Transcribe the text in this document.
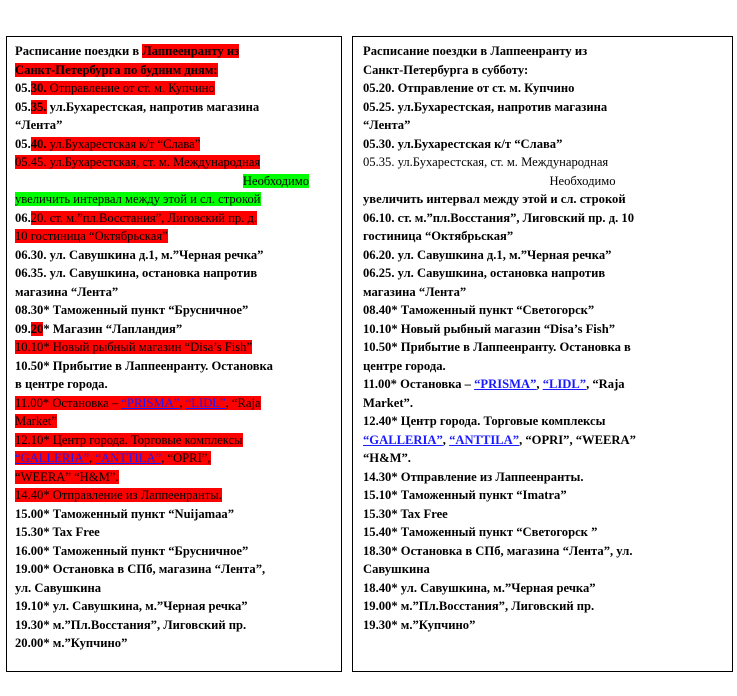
Расписание поездки в Лаппеенранту из
Санкт-Петербурга по будним дням:
05.30. Отправление от ст. м. Купчино
05.35. ул.Бухарестская, напротив магазина
“Лента”
05.40. ул.Бухарестская к/т “Слава”
05.45. ул.Бухарестская, ст. м. Международная
Необходимо
увеличить интервал между этой и сл. строкой
06.20. ст. м.”пл.Восстания”, Лиговский пр. д.
10 гостиница “Октябрьская”
06.30. ул. Савушкина д.1, м.”Черная речка”
06.35. ул. Савушкина, остановка напротив
магазина “Лента”
08.30* Таможенный пункт “Брусничное”
09.20* Магазин “Лапландия”
10.10* Новый рыбный магазин “Disa’s Fish”
10.50* Прибытие в Лаппеенранту. Остановка
в центре города.
11.00* Остановка – “PRISMA”, “LIDL”, “Raja
Market”
12.10* Центр города. Торговые комплексы
“GALLERIA”, “ANTTILA”, “OPRI”,
“WEERA” “H&M”.
14.40* Отправление из Лаппеенранты.
15.00* Таможенный пункт “Nuijamaa”
15.30* Tax Free
16.00* Таможенный пункт “Брусничное”
19.00* Остановка в СПб, магазина “Лента”,
ул. Савушкина
19.10* ул. Савушкина, м.”Черная речка”
19.30* м.”Пл.Восстания”, Лиговский пр.
20.00* м.”Купчино”
Расписание поездки в Лаппеенранту из
Санкт-Петербурга в субботу:
05.20. Отправление от ст. м. Купчино
05.25. ул.Бухарестская, напротив магазина
“Лента”
05.30. ул.Бухарестская к/т “Слава”
05.35. ул.Бухарестская, ст. м. Международная
Необходимо
увеличить интервал между этой и сл. строкой
06.10. ст. м.”пл.Восстания”, Лиговский пр. д. 10
гостиница “Октябрьская”
06.20. ул. Савушкина д.1, м.”Черная речка”
06.25. ул. Савушкина, остановка напротив
магазина “Лента”
08.40* Таможенный пункт “Светогорск”
10.10* Новый рыбный магазин “Disa’s Fish”
10.50* Прибытие в Лаппеенранту. Остановка в
центре города.
11.00* Остановка – “PRISMA”, “LIDL”, “Raja
Market”.
12.40* Центр города. Торговые комплексы
“GALLERIA”, “ANTTILA”, “OPRI”, “WEERA”
“H&M”.
14.30* Отправление из Лаппеенранты.
15.10* Таможенный пункт “Imatra”
15.30* Tax Free
15.40* Таможенный пункт “Светогорск ”
18.30* Остановка в СПб, магазина “Лента”, ул.
Савушкина
18.40* ул. Савушкина, м.”Черная речка”
19.00* м.”Пл.Восстания”, Лиговский пр.
19.30* м.”Купчино”
